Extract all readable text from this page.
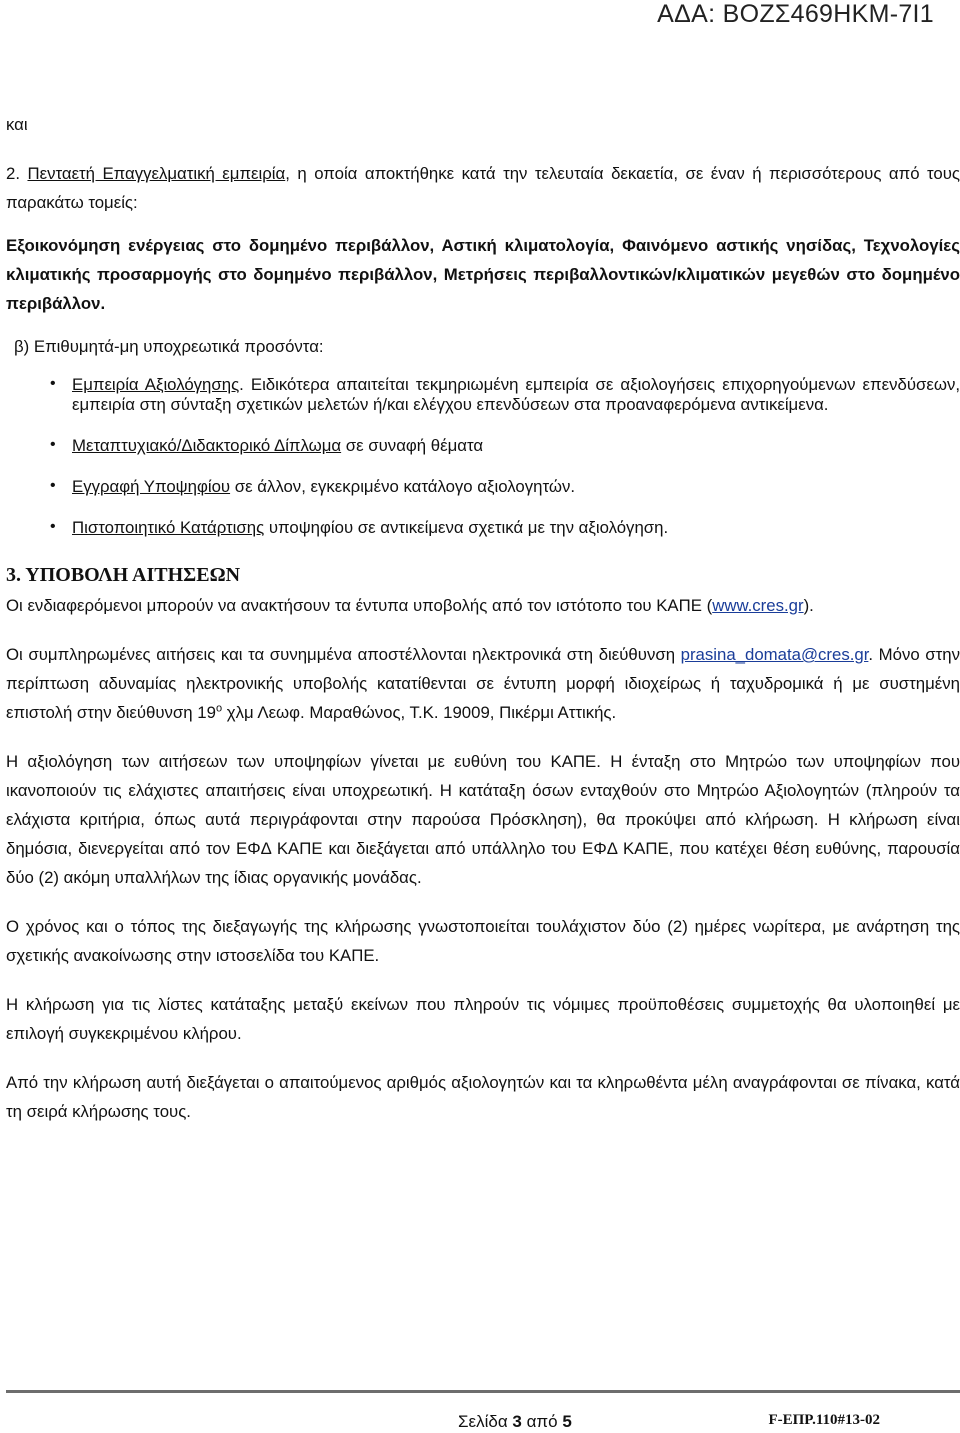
ΑΔΑ: ΒΟΖΣ469ΗΚΜ-7Ι1

και

2. Πενταετή Επαγγελματική εμπειρία, η οποία αποκτήθηκε κατά την τελευταία δεκαετία, σε έναν ή περισσότερους από τους παρακάτω τομείς:

Εξοικονόμηση ενέργειας στο δομημένο περιβάλλον, Αστική κλιματολογία, Φαινόμενο αστικής νησίδας, Τεχνολογίες κλιματικής προσαρμογής στο δομημένο περιβάλλον, Μετρήσεις περιβαλλοντικών/κλιματικών μεγεθών στο δομημένο περιβάλλον.

β) Επιθυμητά-μη υποχρεωτικά προσόντα:

• Εμπειρία Αξιολόγησης. Ειδικότερα απαιτείται τεκμηριωμένη εμπειρία σε αξιολογήσεις επιχορηγούμενων επενδύσεων, εμπειρία στη σύνταξη σχετικών μελετών ή/και ελέγχου επενδύσεων στα προαναφερόμενα αντικείμενα.
• Μεταπτυχιακό/Διδακτορικό Δίπλωμα σε συναφή θέματα
• Εγγραφή Υποψηφίου σε άλλον, εγκεκριμένο κατάλογο αξιολογητών.
• Πιστοποιητικό Κατάρτισης υποψηφίου σε αντικείμενα σχετικά με την αξιολόγηση.
3. ΥΠΟΒΟΛΗ ΑΙΤΗΣΕΩΝ

Οι ενδιαφερόμενοι μπορούν να ανακτήσουν τα έντυπα υποβολής από τον ιστότοπο του ΚΑΠΕ (www.cres.gr).

Οι συμπληρωμένες αιτήσεις και τα συνημμένα αποστέλλονται ηλεκτρονικά στη διεύθυνση prasina_domata@cres.gr. Μόνο στην περίπτωση αδυναμίας ηλεκτρονικής υποβολής κατατίθενται σε έντυπη μορφή ιδιοχείρως ή ταχυδρομικά ή με συστημένη επιστολή στην διεύθυνση $19^o$ χλμ Λεωφ. Μαραθώνος, Τ.Κ. 19009, Πικέρμι Αττικής.

Η αξιολόγηση των αιτήσεων των υποψηφίων γίνεται με ευθύνη του ΚΑΠΕ. Η ένταξη στο Μητρώο των υποψηφίων που ικανοποιούν τις ελάχιστες απαιτήσεις είναι υποχρεωτική. Η κατάταξη όσων ενταχθούν στο Μητρώο Αξιολογητών (πληρούν τα ελάχιστα κριτήρια, όπως αυτά περιγράφονται στην παρούσα Πρόσκληση), θα προκύψει από κλήρωση. Η κλήρωση είναι δημόσια, διενεργείται από τον ΕΦΔ ΚΑΠΕ και διεξάγεται από υπάλληλο του ΕΦΔ ΚΑΠΕ, που κατέχει θέση ευθύνης, παρουσία δύο (2) ακόμη υπαλλήλων της ίδιας οργανικής μονάδας.

Ο χρόνος και ο τόπος της διεξαγωγής της κλήρωσης γνωστοποιείται τουλάχιστον δύο (2) ημέρες νωρίτερα, με ανάρτηση της σχετικής ανακοίνωσης στην ιστοσελίδα του ΚΑΠΕ.

Η κλήρωση για τις λίστες κατάταξης μεταξύ εκείνων που πληρούν τις νόμιμες προϋποθέσεις συμμετοχής θα υλοποιηθεί με επιλογή συγκεκριμένου κλήρου.

Από την κλήρωση αυτή διεξάγεται ο απαιτούμενος αριθμός αξιολογητών και τα κληρωθέντα μέλη αναγράφονται σε πίνακα, κατά τη σειρά κλήρωσης τους.

Σελίδα 3 από 5	F-ΕΠΡ.110#13-02
